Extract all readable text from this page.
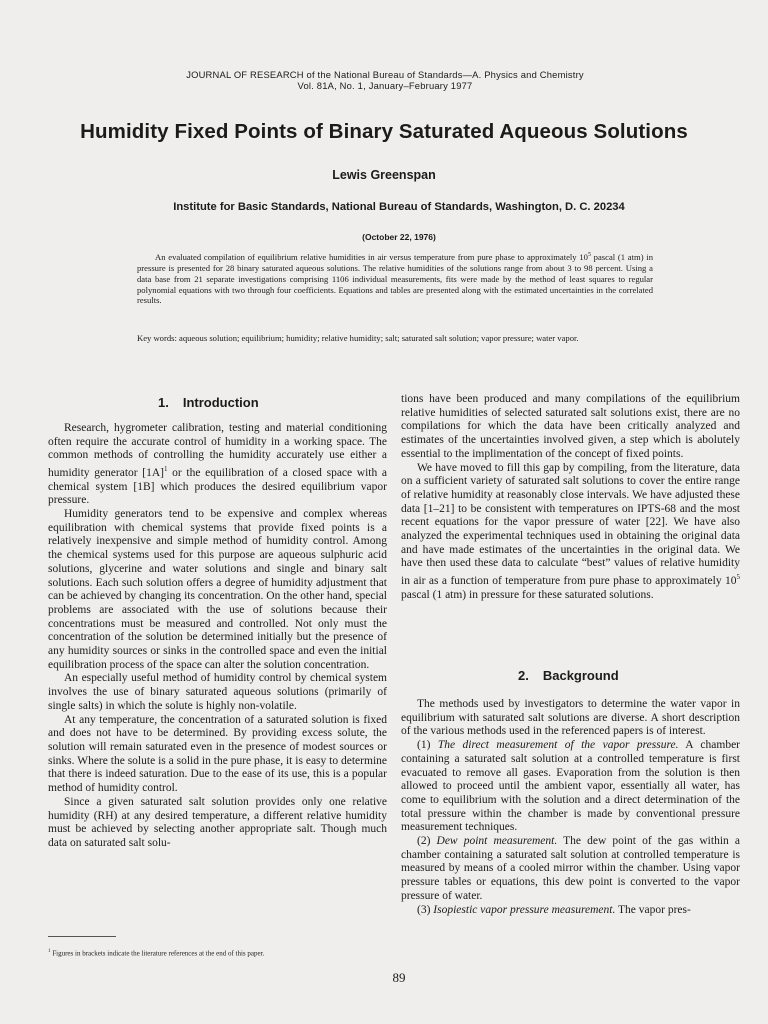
JOURNAL OF RESEARCH of the National Bureau of Standards—A. Physics and Chemistry
Vol. 81A, No. 1, January–February 1977
Humidity Fixed Points of Binary Saturated Aqueous Solutions
Lewis Greenspan
Institute for Basic Standards, National Bureau of Standards, Washington, D. C. 20234
(October 22, 1976)

An evaluated compilation of equilibrium relative humidities in air versus temperature from pure phase to approximately $10^5$ pascal (1 atm) in pressure is presented for 28 binary saturated aqueous solutions. The relative humidities of the solutions range from about 3 to 98 percent. Using a data base from 21 separate investigations comprising 1106 individual measurements, fits were made by the method of least squares to regular polynomial equations with two through four coefficients. Equations and tables are presented along with the estimated uncertainties in the correlated results.

Key words: aqueous solution; equilibrium; humidity; relative humidity; salt; saturated salt solution; vapor pressure; water vapor.
1. Introduction

Research, hygrometer calibration, testing and material conditioning often require the accurate control of humidity in a working space. The common methods of controlling the humidity accurately use either a humidity generator $[1A]^1$ or the equilibration of a closed space with a chemical system [1B] which produces the desired equilibrium vapor pressure.

Humidity generators tend to be expensive and complex whereas equilibration with chemical systems that provide fixed points is a relatively inexpensive and simple method of humidity control. Among the chemical systems used for this purpose are aqueous sulphuric acid solutions, glycerine and water solutions and single and binary salt solutions. Each such solution offers a degree of humidity adjustment that can be achieved by changing its concentration. On the other hand, special problems are associated with the use of solutions because their concentrations must be measured and controlled. Not only must the concentration of the solution be determined initially but the presence of any humidity sources or sinks in the controlled space and even the initial equilibration process of the space can alter the solution concentration.

An especially useful method of humidity control by chemical system involves the use of binary saturated aqueous solutions (primarily of single salts) in which the solute is highly non-volatile.

At any temperature, the concentration of a saturated solution is fixed and does not have to be determined. By providing excess solute, the solution will remain saturated even in the presence of modest sources or sinks. Where the solute is a solid in the pure phase, it is easy to determine that there is indeed saturation. Due to the ease of its use, this is a popular method of humidity control.

Since a given saturated salt solution provides only one relative humidity (RH) at any desired temperature, a different relative humidity must be achieved by selecting another appropriate salt. Though much data on saturated salt solu-

tions have been produced and many compilations of the equilibrium relative humidities of selected saturated salt solutions exist, there are no compilations for which the data have been critically analyzed and estimates of the uncertainties involved given, a step which is abolutely essential to the implimentation of the concept of fixed points.

We have moved to fill this gap by compiling, from the literature, data on a sufficient variety of saturated salt solutions to cover the entire range of relative humidity at reasonably close intervals. We have adjusted these data [1–21] to be consistent with temperatures on IPTS-68 and the most recent equations for the vapor pressure of water [22]. We have also analyzed the experimental techniques used in obtaining the original data and have made estimates of the uncertainties in the original data. We have then used these data to calculate “best” values of relative humidity in air as a function of temperature from pure phase to approximately $10^5$ pascal (1 atm) in pressure for these saturated solutions.

2. Background

The methods used by investigators to determine the water vapor in equilibrium with saturated salt solutions are diverse. A short description of the various methods used in the referenced papers is of interest.

(1) The direct measurement of the vapor pressure. A chamber containing a saturated salt solution at a controlled temperature is first evacuated to remove all gases. Evaporation from the solution is then allowed to proceed until the ambient vapor, essentially all water, has come to equilibrium with the solution and a direct determination of the total pressure within the chamber is made by conventional pressure measurement techniques.

(2) Dew point measurement. The dew point of the gas within a chamber containing a saturated salt solution at controlled temperature is measured by means of a cooled mirror within the chamber. Using vapor pressure tables or equations, this dew point is converted to the vapor pressure of water.

(3) Isopiestic vapor pressure measurement. The vapor pres-

$^1$ Figures in brackets indicate the literature references at the end of this paper.
89
